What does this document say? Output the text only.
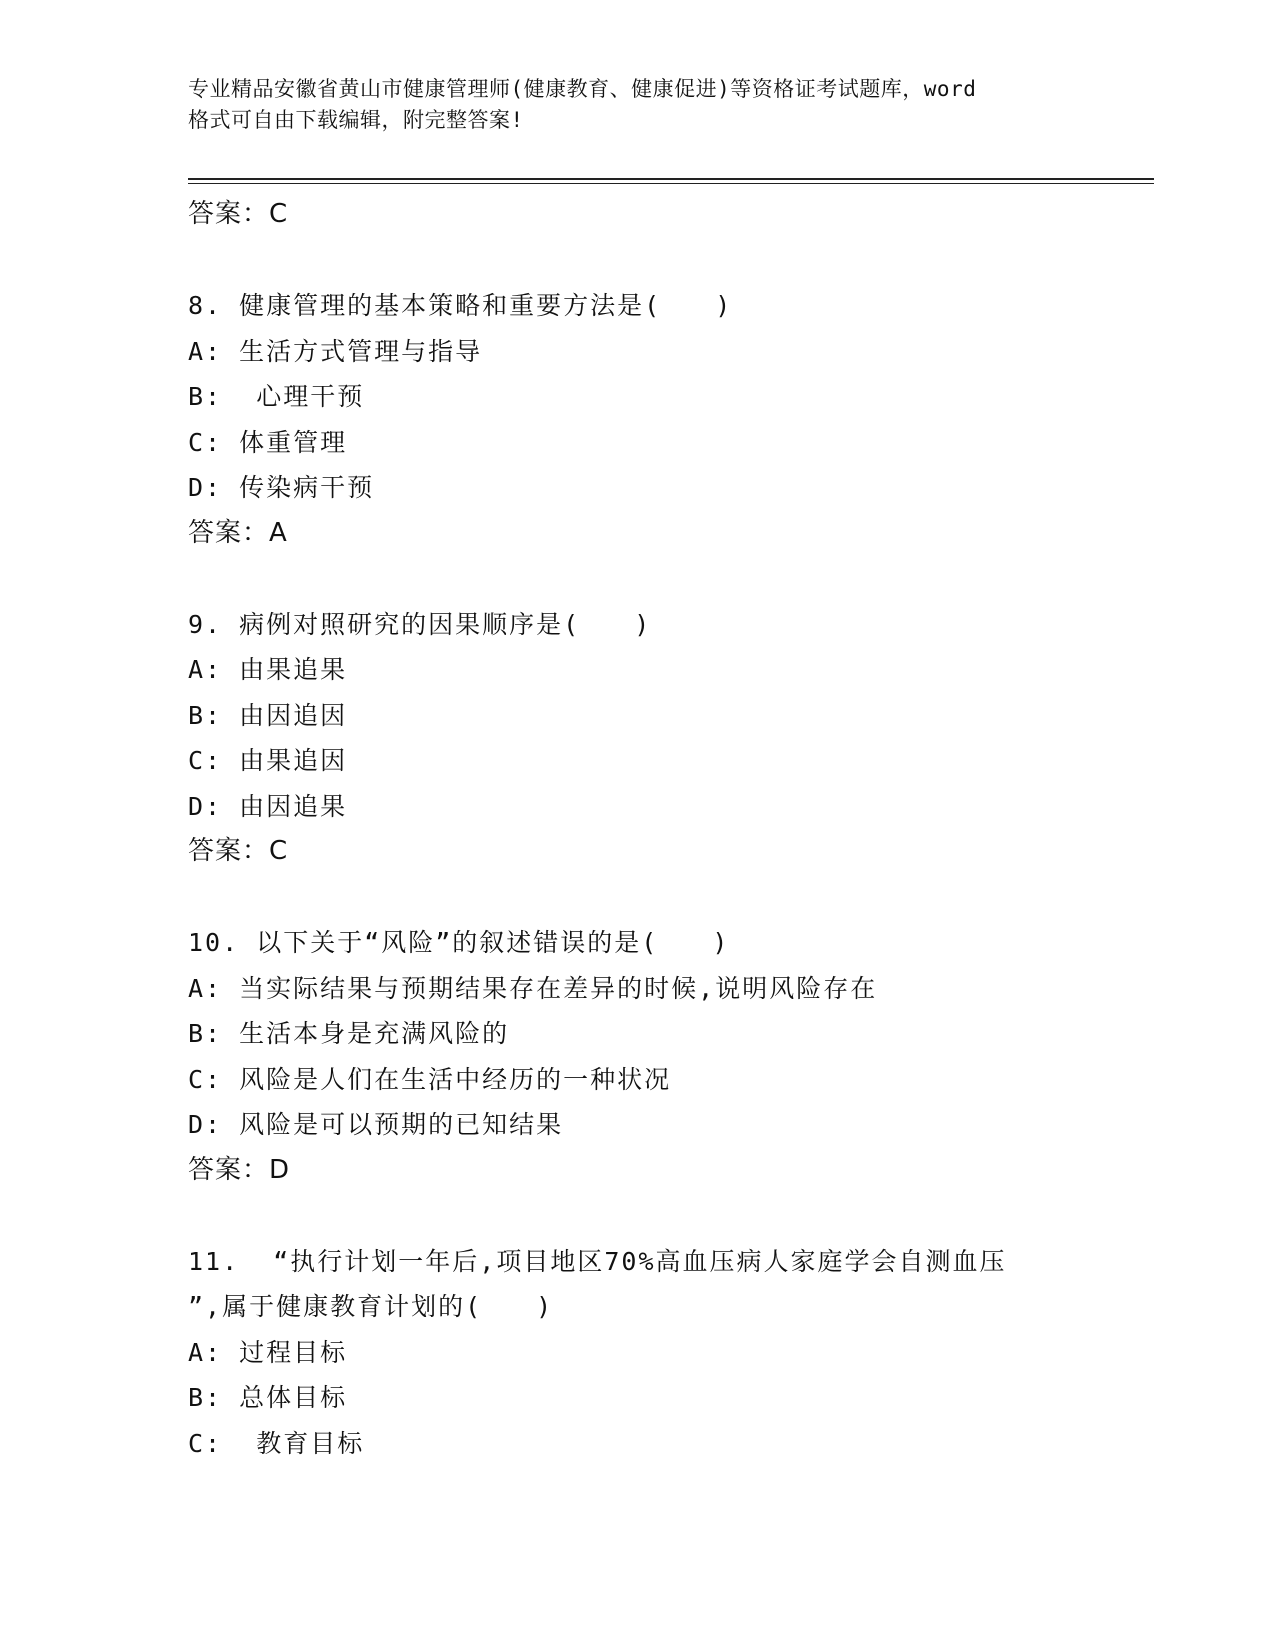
专业精品安徽省黄山市健康管理师(健康教育、健康促进)等资格证考试题库，word
格式可自由下载编辑，附完整答案!
答案：C
8. 健康管理的基本策略和重要方法是(　　)
A: 生活方式管理与指导
B:  心理干预
C: 体重管理
D: 传染病干预
答案：A
9. 病例对照研究的因果顺序是(　　)
A: 由果追果
B: 由因追因
C: 由果追因
D: 由因追果
答案：C
10. 以下关于“风险”的叙述错误的是(　　)
A: 当实际结果与预期结果存在差异的时候,说明风险存在
B: 生活本身是充满风险的
C: 风险是人们在生活中经历的一种状况
D: 风险是可以预期的已知结果
答案：D
11.  “执行计划一年后,项目地区70%高血压病人家庭学会自测血压
”,属于健康教育计划的(　　)
A: 过程目标
B: 总体目标
C:  教育目标
